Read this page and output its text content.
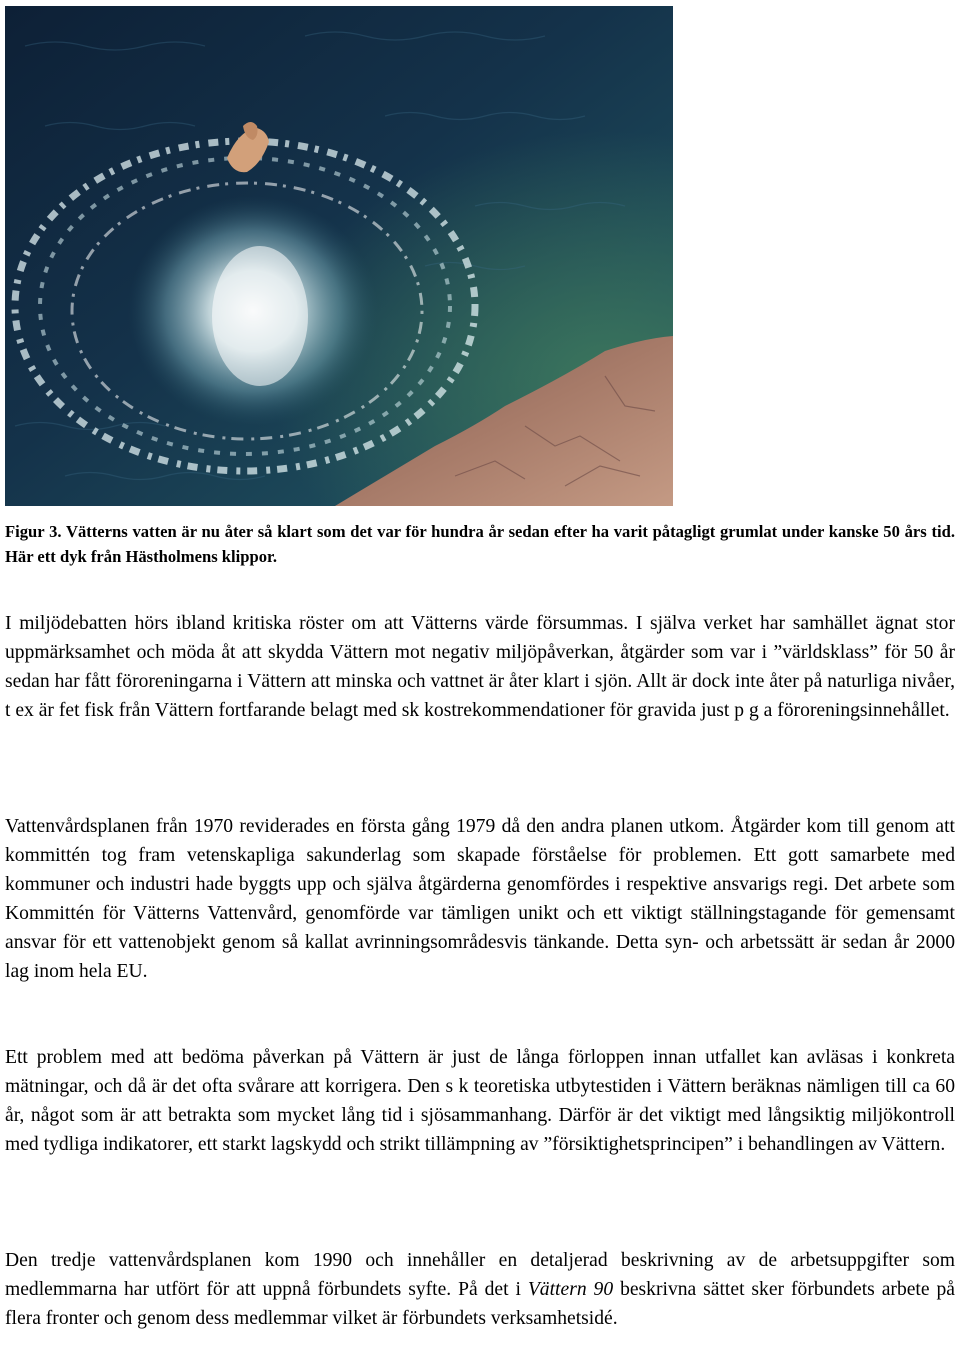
Figur 3. Vätterns vatten är nu åter så klart som det var för hundra år sedan efter ha varit påtagligt grumlat under kanske 50 års tid. Här ett dyk från Hästholmens klippor.

I miljödebatten hörs ibland kritiska röster om att Vätterns värde försummas. I själva verket har samhället ägnat stor uppmärksamhet och möda åt att skydda Vättern mot negativ miljöpåverkan, åtgärder som var i ”världsklass” för 50 år sedan har fått föroreningarna i Vättern att minska och vattnet är åter klart i sjön. Allt är dock inte åter på naturliga nivåer, t ex är fet fisk från Vättern fortfarande belagt med sk kostrekommendationer för gravida just p g a föroreningsinnehållet.

Vattenvårdsplanen från 1970 reviderades en första gång 1979 då den andra planen utkom. Åtgärder kom till genom att kommittén tog fram vetenskapliga sakunderlag som skapade förståelse för problemen. Ett gott samarbete med kommuner och industri hade byggts upp och själva åtgärderna genomfördes i respektive ansvarigs regi. Det arbete som Kommittén för Vätterns Vattenvård, genomförde var tämligen unikt och ett viktigt ställningstagande för gemensamt ansvar för ett vattenobjekt genom så kallat avrinningsområdesvis tänkande. Detta syn- och arbetssätt är sedan år 2000 lag inom hela EU.

Ett problem med att bedöma påverkan på Vättern är just de långa förloppen innan utfallet kan avläsas i konkreta mätningar, och då är det ofta svårare att korrigera. Den s k teoretiska utbytestiden i Vättern beräknas nämligen till ca 60 år, något som är att betrakta som mycket lång tid i sjösammanhang. Därför är det viktigt med långsiktig miljökontroll med tydliga indikatorer, ett starkt lagskydd och strikt tillämpning av ”försiktighetsprincipen” i behandlingen av Vättern.

Den tredje vattenvårdsplanen kom 1990 och innehåller en detaljerad beskrivning av de arbetsuppgifter som medlemmarna har utfört för att uppnå förbundets syfte. På det i Vättern 90 beskrivna sättet sker förbundets arbete på flera fronter och genom dess medlemmar vilket är förbundets verksamhetsidé.
